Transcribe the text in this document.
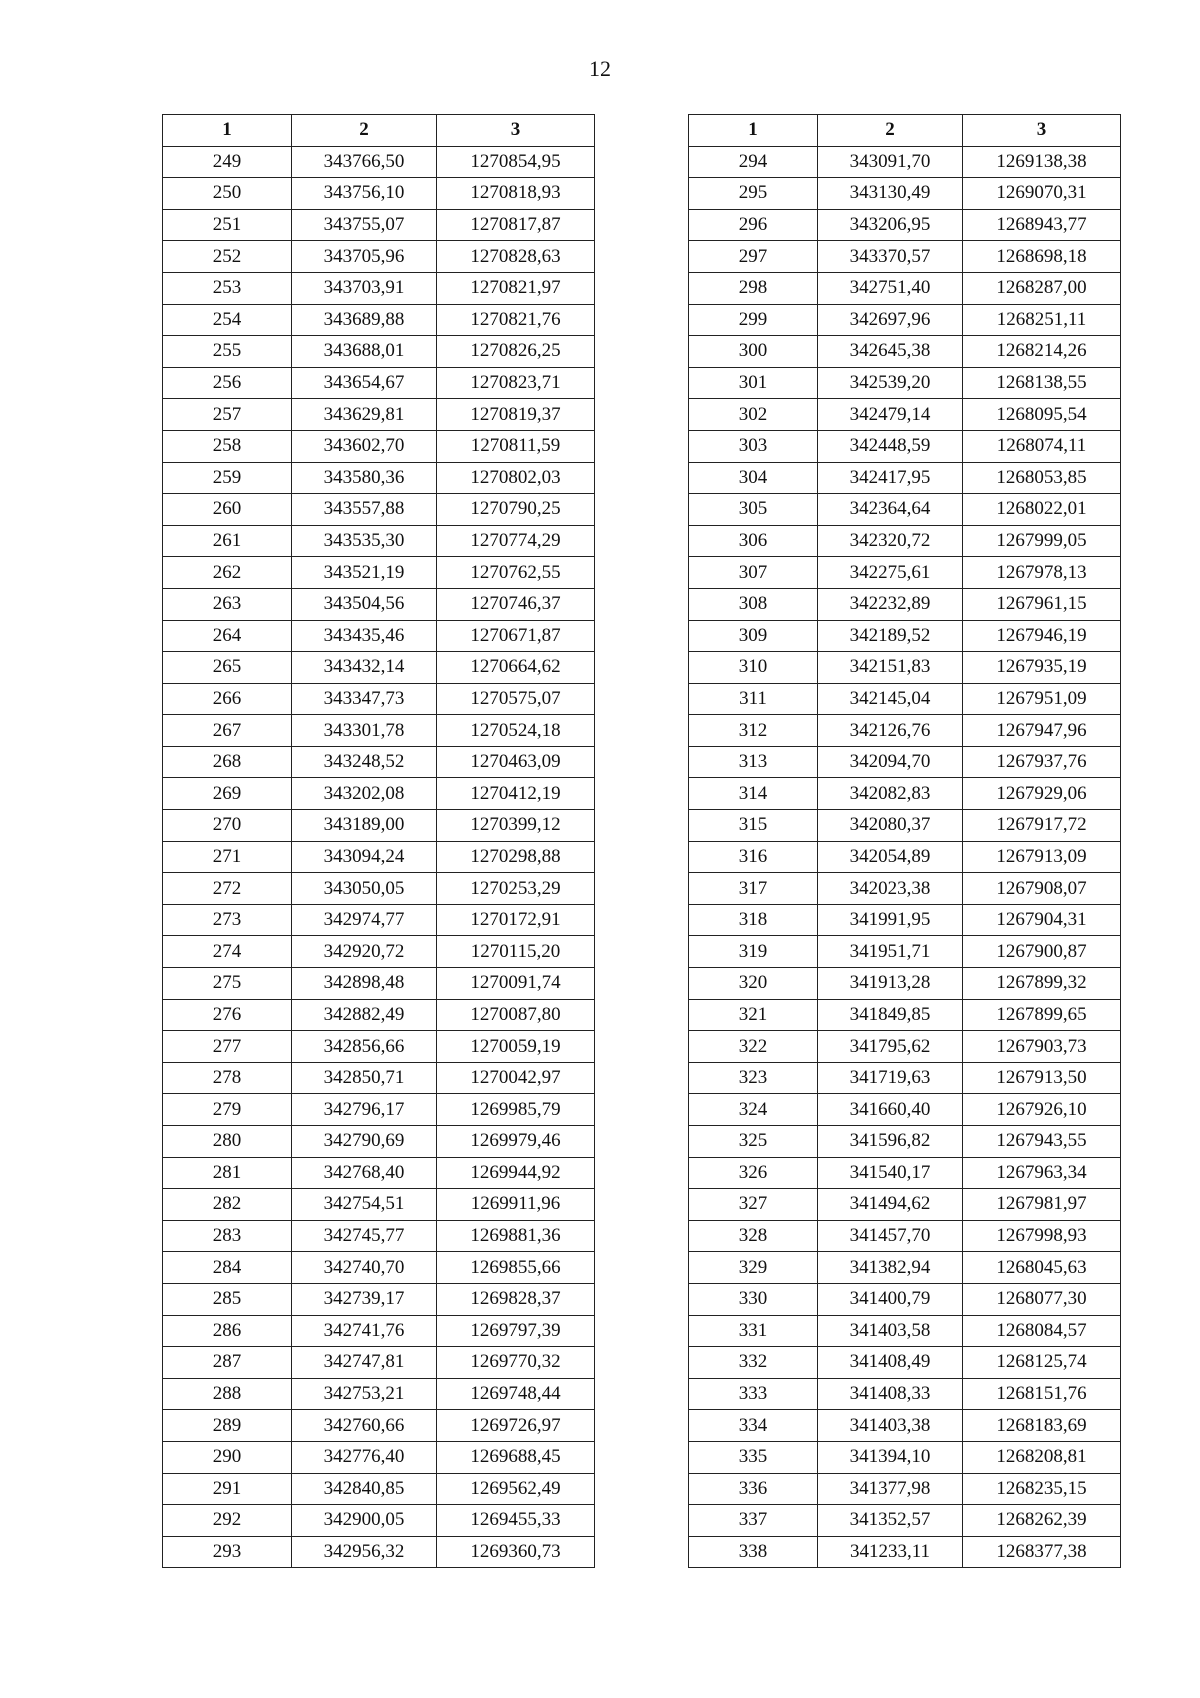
12
1	2	3
249	343766,50	1270854,95
250	343756,10	1270818,93
251	343755,07	1270817,87
252	343705,96	1270828,63
253	343703,91	1270821,97
254	343689,88	1270821,76
255	343688,01	1270826,25
256	343654,67	1270823,71
257	343629,81	1270819,37
258	343602,70	1270811,59
259	343580,36	1270802,03
260	343557,88	1270790,25
261	343535,30	1270774,29
262	343521,19	1270762,55
263	343504,56	1270746,37
264	343435,46	1270671,87
265	343432,14	1270664,62
266	343347,73	1270575,07
267	343301,78	1270524,18
268	343248,52	1270463,09
269	343202,08	1270412,19
270	343189,00	1270399,12
271	343094,24	1270298,88
272	343050,05	1270253,29
273	342974,77	1270172,91
274	342920,72	1270115,20
275	342898,48	1270091,74
276	342882,49	1270087,80
277	342856,66	1270059,19
278	342850,71	1270042,97
279	342796,17	1269985,79
280	342790,69	1269979,46
281	342768,40	1269944,92
282	342754,51	1269911,96
283	342745,77	1269881,36
284	342740,70	1269855,66
285	342739,17	1269828,37
286	342741,76	1269797,39
287	342747,81	1269770,32
288	342753,21	1269748,44
289	342760,66	1269726,97
290	342776,40	1269688,45
291	342840,85	1269562,49
292	342900,05	1269455,33
293	342956,32	1269360,73
1	2	3
294	343091,70	1269138,38
295	343130,49	1269070,31
296	343206,95	1268943,77
297	343370,57	1268698,18
298	342751,40	1268287,00
299	342697,96	1268251,11
300	342645,38	1268214,26
301	342539,20	1268138,55
302	342479,14	1268095,54
303	342448,59	1268074,11
304	342417,95	1268053,85
305	342364,64	1268022,01
306	342320,72	1267999,05
307	342275,61	1267978,13
308	342232,89	1267961,15
309	342189,52	1267946,19
310	342151,83	1267935,19
311	342145,04	1267951,09
312	342126,76	1267947,96
313	342094,70	1267937,76
314	342082,83	1267929,06
315	342080,37	1267917,72
316	342054,89	1267913,09
317	342023,38	1267908,07
318	341991,95	1267904,31
319	341951,71	1267900,87
320	341913,28	1267899,32
321	341849,85	1267899,65
322	341795,62	1267903,73
323	341719,63	1267913,50
324	341660,40	1267926,10
325	341596,82	1267943,55
326	341540,17	1267963,34
327	341494,62	1267981,97
328	341457,70	1267998,93
329	341382,94	1268045,63
330	341400,79	1268077,30
331	341403,58	1268084,57
332	341408,49	1268125,74
333	341408,33	1268151,76
334	341403,38	1268183,69
335	341394,10	1268208,81
336	341377,98	1268235,15
337	341352,57	1268262,39
338	341233,11	1268377,38
